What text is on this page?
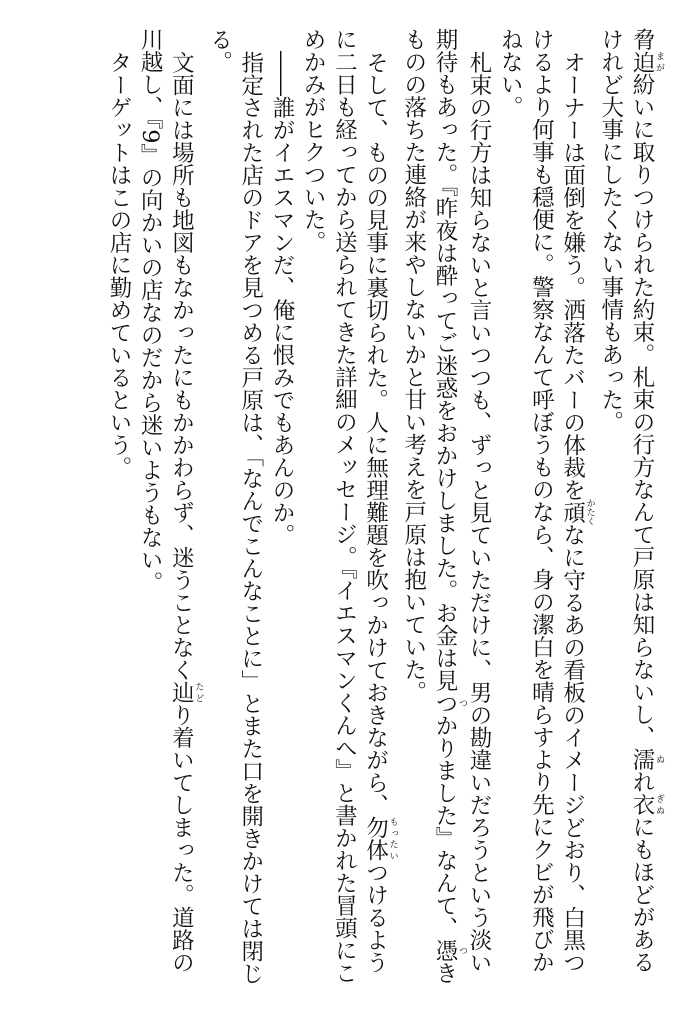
脅迫 まが紛いに取りつけられた約束。札束の行方なんて戸原は知らないし、濡 ぬれ衣 ぎぬにもほどがあるけれど大事にしたくない事情もあった。

オーナーは面倒を嫌う。洒落たバーの体裁を頑 かたくなに守るあの看板のイメージどおり、白黒つけるより何事も穏便に。警察なんて呼ぼうものなら、身の潔白を晴らすより先にクビが飛びかねない。

札束の行方は知らないと言いつつも、ずっと見ていただけに、男の勘違いだろうという淡い期待もあった。『昨夜は酔ってご迷惑をおかけしました。お金は見つ つかりました』なんて、憑 つきものの落ちた連絡が来やしないかと甘い考えを戸原は抱いていた。

そして、ものの見事に裏切られた。人に無理難題を吹っかけておきながら、勿体 もったいつけるように二日も経ってから送られてきた詳細のメッセージ。『イエスマンくんへ』と書かれた冒頭にこめかみがヒクついた。

――誰がイエスマンだ、俺に恨みでもあんのか。

指定された店のドアを見つめる戸原は、「なんでこんなことに」とまた口を開きかけては閉じる。

文面には場所も地図もなかったにもかかわらず、迷うことなく辿 たどり着いてしまった。道路の川越し、『9』の向かいの店なのだから迷いようもない。

ターゲットはこの店に勤めているという。
